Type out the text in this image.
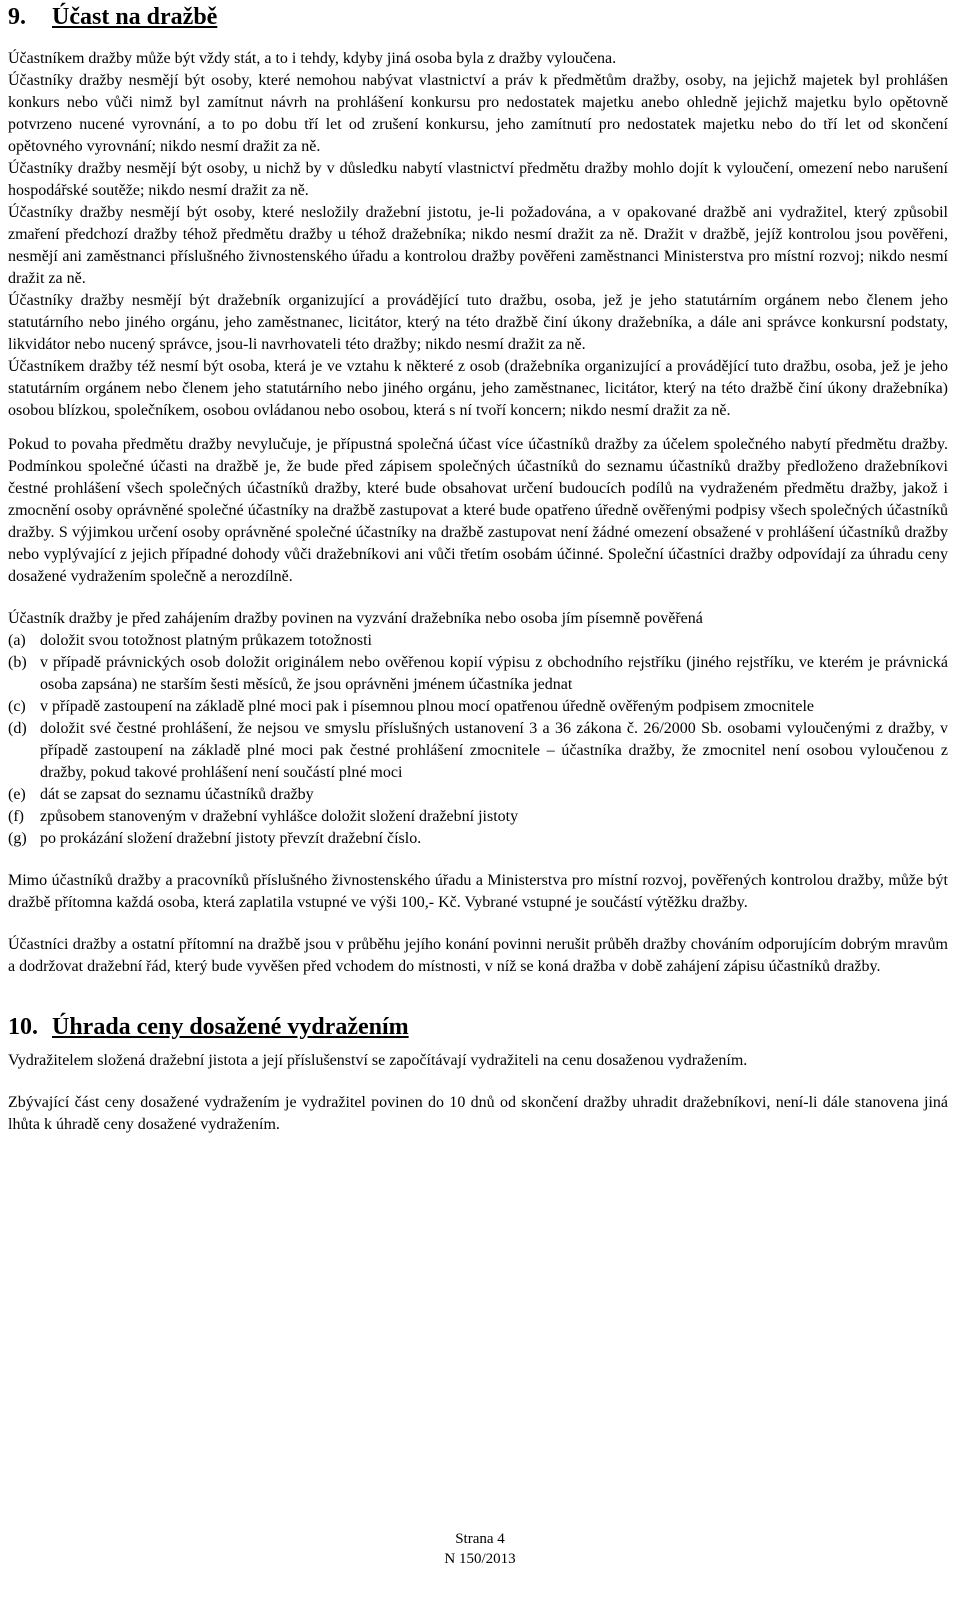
9.	Účast na dražbě

Účastníkem dražby může být vždy stát, a to i tehdy, kdyby jiná osoba byla z dražby vyloučena.

Účastníky dražby nesmějí být osoby, které nemohou nabývat vlastnictví a práv k předmětům dražby, osoby, na jejichž majetek byl prohlášen konkurs nebo vůči nimž byl zamítnut návrh na prohlášení konkursu pro nedostatek majetku anebo ohledně jejichž majetku bylo opětovně potvrzeno nucené vyrovnání, a to po dobu tří let od zrušení konkursu, jeho zamítnutí pro nedostatek majetku nebo do tří let od skončení opětovného vyrovnání; nikdo nesmí dražit za ně.

Účastníky dražby nesmějí být osoby, u nichž by v důsledku nabytí vlastnictví předmětu dražby mohlo dojít k vyloučení, omezení nebo narušení hospodářské soutěže; nikdo nesmí dražit za ně.

Účastníky dražby nesmějí být osoby, které nesložily dražební jistotu, je-li požadována, a v opakované dražbě ani vydražitel, který způsobil zmaření předchozí dražby téhož předmětu dražby u téhož dražebníka; nikdo nesmí dražit za ně. Dražit v dražbě, jejíž kontrolou jsou pověřeni, nesmějí ani zaměstnanci příslušného živnostenského úřadu a kontrolou dražby pověřeni zaměstnanci Ministerstva pro místní rozvoj; nikdo nesmí dražit za ně.

Účastníky dražby nesmějí být dražebník organizující a provádějící tuto dražbu, osoba, jež je jeho statutárním orgánem nebo členem jeho statutárního nebo jiného orgánu, jeho zaměstnanec, licitátor, který na této dražbě činí úkony dražebníka, a dále ani správce konkursní podstaty, likvidátor nebo nucený správce, jsou-li navrhovateli této dražby; nikdo nesmí dražit za ně.

Účastníkem dražby též nesmí být osoba, která je ve vztahu k některé z osob (dražebníka organizující a provádějící tuto dražbu, osoba, jež je jeho statutárním orgánem nebo členem jeho statutárního nebo jiného orgánu, jeho zaměstnanec, licitátor, který na této dražbě činí úkony dražebníka) osobou blízkou, společníkem, osobou ovládanou nebo osobou, která s ní tvoří koncern; nikdo nesmí dražit za ně.

Pokud to povaha předmětu dražby nevylučuje, je přípustná společná účast více účastníků dražby za účelem společného nabytí předmětu dražby. Podmínkou společné účasti na dražbě je, že bude před zápisem společných účastníků do seznamu účastníků dražby předloženo dražebníkovi čestné prohlášení všech společných účastníků dražby, které bude obsahovat určení budoucích podílů na vydraženém předmětu dražby, jakož i zmocnění osoby oprávněné společné účastníky na dražbě zastupovat a které bude opatřeno úředně ověřenými podpisy všech společných účastníků dražby. S výjimkou určení osoby oprávněné společné účastníky na dražbě zastupovat není žádné omezení obsažené v prohlášení účastníků dražby nebo vyplývající z jejich případné dohody vůči dražebníkovi ani vůči třetím osobám účinné. Společní účastníci dražby odpovídají za úhradu ceny dosažené vydražením společně a nerozdílně.

Účastník dražby je před zahájením dražby povinen na vyzvání dražebníka nebo osoba jím písemně pověřená

(a) doložit svou totožnost platným průkazem totožnosti
(b) v případě právnických osob doložit originálem nebo ověřenou kopií výpisu z obchodního rejstříku (jiného rejstříku, ve kterém je právnická osoba zapsána) ne starším šesti měsíců, že jsou oprávněni jménem účastníka jednat
(c) v případě zastoupení na základě plné moci pak i písemnou plnou mocí opatřenou úředně ověřeným podpisem zmocnitele
(d) doložit své čestné prohlášení, že nejsou ve smyslu příslušných ustanovení 3 a 36 zákona č. 26/2000 Sb. osobami vyloučenými z dražby, v případě zastoupení na základě plné moci pak čestné prohlášení zmocnitele – účastníka dražby, že zmocnitel není osobou vyloučenou z dražby, pokud takové prohlášení není součástí plné moci
(e) dát se zapsat do seznamu účastníků dražby
(f)	způsobem stanoveným v dražební vyhlášce doložit složení dražební jistoty
(g) po prokázání složení dražební jistoty převzít dražební číslo.

Mimo účastníků dražby a pracovníků příslušného živnostenského úřadu a Ministerstva pro místní rozvoj, pověřených kontrolou dražby, může být dražbě přítomna každá osoba, která zaplatila vstupné ve výši 100,- Kč. Vybrané vstupné je součástí výtěžku dražby.

Účastníci dražby a ostatní přítomní na dražbě jsou v průběhu jejího konání povinni nerušit průběh dražby chováním odporujícím dobrým mravům a dodržovat dražební řád, který bude vyvěšen před vchodem do místnosti, v níž se koná dražba v době zahájení zápisu účastníků dražby.

10. Úhrada ceny dosažené vydražením

Vydražitelem složená dražební jistota a její příslušenství se započítávají vydražiteli na cenu dosaženou vydražením.

Zbývající část ceny dosažené vydražením je vydražitel povinen do 10 dnů od skončení dražby uhradit dražebníkovi, není-li dále stanovena jiná lhůta k úhradě ceny dosažené vydražením.

Strana 4
N 150/2013
